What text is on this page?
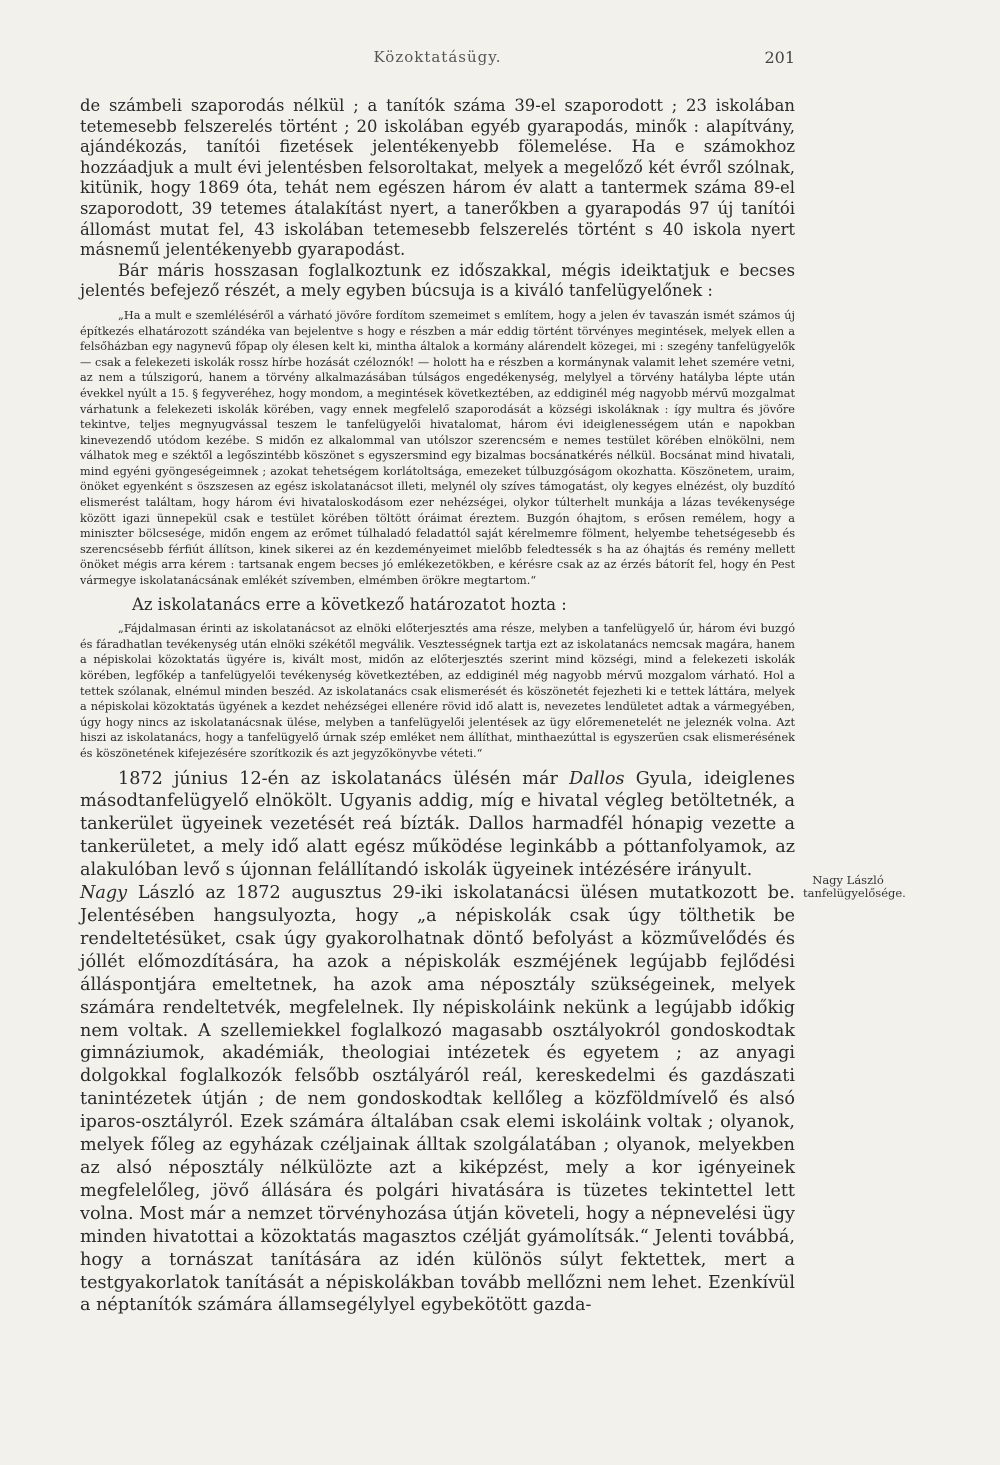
Közoktatásügy.	201

de számbeli szaporodás nélkül ; a tanítók száma 39-el szaporodott ; 23 iskolában tetemesebb felszerelés történt ; 20 iskolában egyéb gyarapodás, minők : alapítvány, ajándékozás, tanítói fizetések jelentékenyebb fölemelése. Ha e számokhoz hozzáadjuk a mult évi jelentésben felsoroltakat, melyek a megelőző két évről szólnak, kitünik, hogy 1869 óta, tehát nem egészen három év alatt a tantermek száma 89-el szaporodott, 39 tetemes átalakítást nyert, a tanerőkben a gyarapodás 97 új tanítói állomást mutat fel, 43 iskolában tetemesebb felszerelés történt s 40 iskola nyert másnemű jelentékenyebb gyarapodást.

Bár máris hosszasan foglalkoztunk ez időszakkal, mégis ideiktatjuk e becses jelentés befejező részét, a mely egyben búcsuja is a kiváló tanfelügyelőnek :

„Ha a mult e szemléléséről a várható jövőre fordítom szemeimet s említem, hogy a jelen év tavaszán ismét számos új építkezés elhatározott szándéka van bejelentve s hogy e részben a már eddig történt törvényes megintések, melyek ellen a felsőházban egy nagynevű főpap oly élesen kelt ki, mintha általok a kormány alárendelt közegei, mi : szegény tanfelügyelők — csak a felekezeti iskolák rossz hírbe hozását czéloznók! — holott ha e részben a kormánynak valamit lehet szemére vetni, az nem a túlszigorú, hanem a törvény alkalmazásában túlságos engedékenység, melylyel a törvény hatályba lépte után évekkel nyúlt a 15. § fegyveréhez, hogy mondom, a megintések következtében, az eddiginél még nagyobb mérvű mozgalmat várhatunk a felekezeti iskolák körében, vagy ennek megfelelő szaporodását a községi iskoláknak : így multra és jövőre tekintve, teljes megnyugvással teszem le tanfelügyelői hivatalomat, három évi ideiglenességem után e napokban kinevezendő utódom kezébe. S midőn ez alkalommal van utólszor szerencsém e nemes testület körében elnökölni, nem válhatok meg e széktől a legőszintébb köszönet s egyszersmind egy bizalmas bocsánatkérés nélkül. Bocsánat mind hivatali, mind egyéni gyöngeségeimnek ; azokat tehetségem korlátoltsága, emezeket túlbuzgóságom okozhatta. Köszönetem, uraim, önöket egyenként s öszszesen az egész iskolatanácsot illeti, melynél oly szíves támogatást, oly kegyes elnézést, oly buzdító elismerést találtam, hogy három évi hivataloskodásom ezer nehézségei, olykor túlterhelt munkája a lázas tevékenysége között igazi ünnepekül csak e testület körében töltött óráimat éreztem. Buzgón óhajtom, s erősen remélem, hogy a miniszter bölcsesége, midőn engem az erőmet túlhaladó feladattól saját kérelmemre fölment, helyembe tehetségesebb és szerencsésebb férfiút állítson, kinek sikerei az én kezdeményeimet mielőbb feledtessék s ha az óhajtás és remény mellett önöket mégis arra kérem : tartsanak engem becses jó emlékezetökben, e kérésre csak az az érzés bátorít fel, hogy én Pest vármegye iskolatanácsának emlékét szívemben, elmémben örökre megtartom.“

Az iskolatanács erre a következő határozatot hozta :

„Fájdalmasan érinti az iskolatanácsot az elnöki előterjesztés ama része, melyben a tanfelügyelő úr, három évi buzgó és fáradhatlan tevékenység után elnöki székétől megválik. Vesztességnek tartja ezt az iskolatanács nemcsak magára, hanem a népiskolai közoktatás ügyére is, kivált most, midőn az előterjesztés szerint mind községi, mind a felekezeti iskolák körében, legfőkép a tanfelügyelői tevékenység következtében, az eddiginél még nagyobb mérvű mozgalom várható. Hol a tettek szólanak, elnémul minden beszéd. Az iskolatanács csak elismerését és köszönetét fejezheti ki e tettek láttára, melyek a népiskolai közoktatás ügyének a kezdet nehézségei ellenére rövid idő alatt is, nevezetes lendületet adtak a vármegyében, úgy hogy nincs az iskolatanácsnak ülése, melyben a tanfelügyelői jelentések az ügy előremenetelét ne jeleznék volna. Azt hiszi az iskolatanács, hogy a tanfelügyelő úrnak szép emléket nem állíthat, minthaezúttal is egyszerűen csak elismerésének és köszönetének kifejezésére szorítkozik és azt jegyzőkönyvbe véteti.“

1872 június 12-én az iskolatanács ülésén már Dallos Gyula, ideiglenes másodtanfelügyelő elnökölt. Ugyanis addig, míg e hivatal végleg betöltetnék, a tankerület ügyeinek vezetését reá bízták. Dallos harmadfél hónapig vezette a tankerületet, a mely idő alatt egész működése leginkább a póttanfolyamok, az alakulóban levő s újonnan felállítandó iskolák ügyeinek intézésére irányult.

Nagy László az 1872 augusztus 29-iki iskolatanácsi ülésen mutatkozott be. Jelentésében hangsulyozta, hogy „a népiskolák csak úgy tölthetik be rendeltetésüket, csak úgy gyakorolhatnak döntő befolyást a közművelődés és jóllét előmozdítására, ha azok a népiskolák eszméjének legújabb fejlődési álláspontjára emeltetnek, ha azok ama néposztály szükségeinek, melyek számára rendeltetvék, megfelelnek. Ily népiskoláink nekünk a legújabb időkig nem voltak. A szellemiekkel foglalkozó magasabb osztályokról gondoskodtak gimnáziumok, akadémiák, theologiai intézetek és egyetem ; az anyagi dolgokkal foglalkozók felsőbb osztályáról reál, kereskedelmi és gazdászati tanintézetek útján ; de nem gondoskodtak kellőleg a közföldmívelő és alsó iparos-osztályról. Ezek számára általában csak elemi iskoláink voltak ; olyanok, melyek főleg az egyházak czéljainak álltak szolgálatában ; olyanok, melyekben az alsó néposztály nélkülözte azt a kiképzést, mely a kor igényeinek megfelelőleg, jövő állására és polgári hivatására is tüzetes tekintettel lett volna. Most már a nemzet törvényhozása útján követeli, hogy a népnevelési ügy minden hivatottai a közoktatás magasztos czélját gyámolítsák.“ Jelenti továbbá, hogy a tornászat tanítására az idén különös súlyt fektettek, mert a testgyakorlatok tanítását a népiskolákban tovább mellőzni nem lehet. Ezenkívül a néptanítók számára államsegélylyel egybekötött gazda-

Nagy László
tanfelügyelősége.
